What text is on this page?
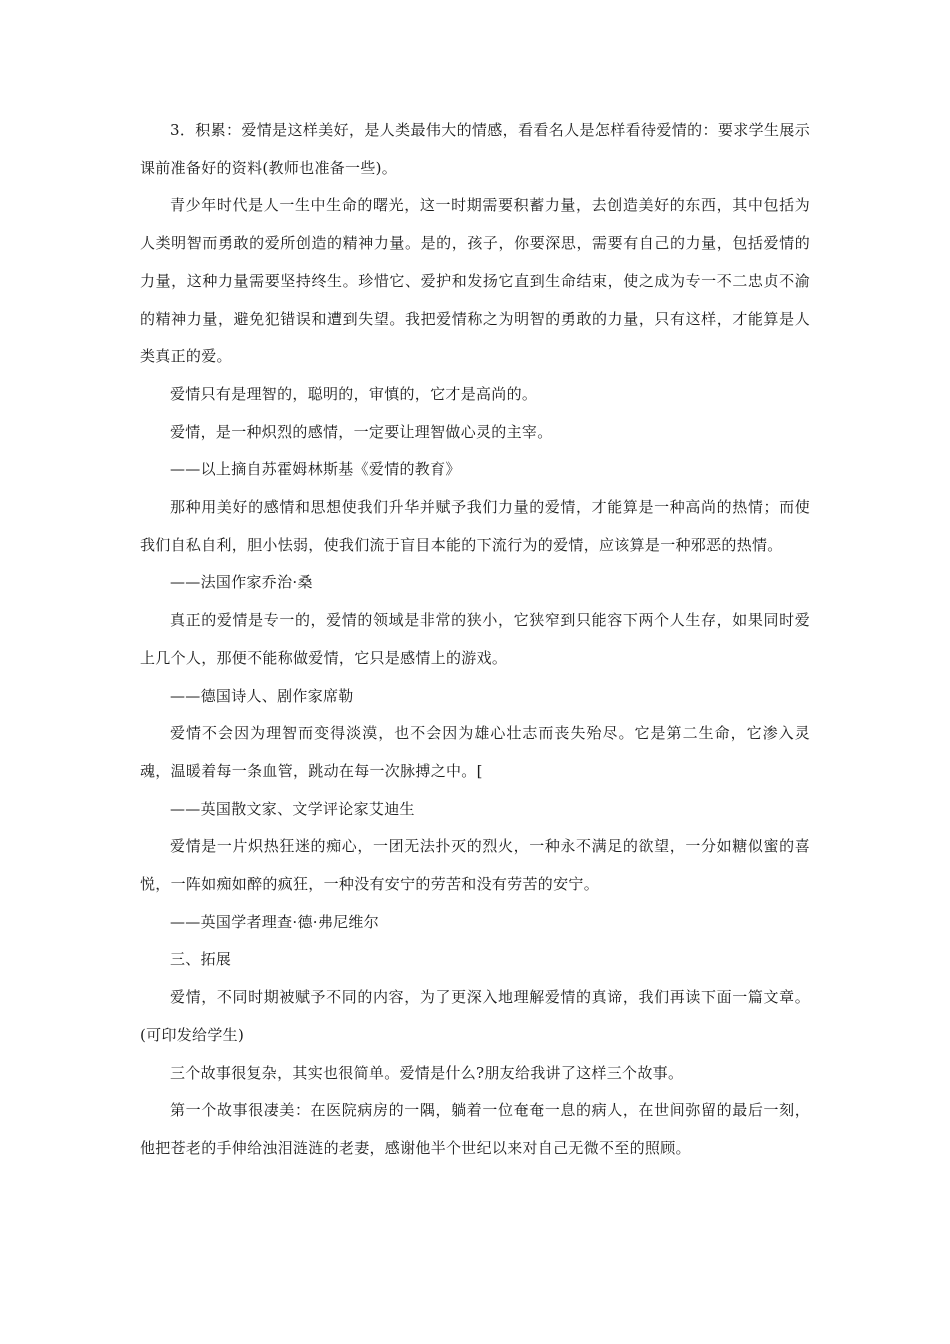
3．积累：爱情是这样美好，是人类最伟大的情感，看看名人是怎样看待爱情的：要求学生展示课前准备好的资料(教师也准备一些)。

青少年时代是人一生中生命的曙光，这一时期需要积蓄力量，去创造美好的东西，其中包括为人类明智而勇敢的爱所创造的精神力量。是的，孩子，你要深思，需要有自己的力量，包括爱情的力量，这种力量需要坚持终生。珍惜它、爱护和发扬它直到生命结束，使之成为专一不二忠贞不渝的精神力量，避免犯错误和遭到失望。我把爱情称之为明智的勇敢的力量，只有这样，才能算是人类真正的爱。

爱情只有是理智的，聪明的，审慎的，它才是高尚的。

爱情，是一种炽烈的感情，一定要让理智做心灵的主宰。

——以上摘自苏霍姆林斯基《爱情的教育》

那种用美好的感情和思想使我们升华并赋予我们力量的爱情，才能算是一种高尚的热情；而使我们自私自利，胆小怯弱，使我们流于盲目本能的下流行为的爱情，应该算是一种邪恶的热情。

——法国作家乔治·桑

真正的爱情是专一的，爱情的领域是非常的狭小，它狭窄到只能容下两个人生存，如果同时爱上几个人，那便不能称做爱情，它只是感情上的游戏。

——德国诗人、剧作家席勒

爱情不会因为理智而变得淡漠，也不会因为雄心壮志而丧失殆尽。它是第二生命，它渗入灵魂，温暖着每一条血管，跳动在每一次脉搏之中。[

——英国散文家、文学评论家艾迪生

爱情是一片炽热狂迷的痴心，一团无法扑灭的烈火，一种永不满足的欲望，一分如糖似蜜的喜悦，一阵如痴如醉的疯狂，一种没有安宁的劳苦和没有劳苦的安宁。

——英国学者理查·德·弗尼维尔

三、拓展

爱情，不同时期被赋予不同的内容，为了更深入地理解爱情的真谛，我们再读下面一篇文章。(可印发给学生)

三个故事很复杂，其实也很简单。爱情是什么?朋友给我讲了这样三个故事。

第一个故事很凄美：在医院病房的一隅，躺着一位奄奄一息的病人，在世间弥留的最后一刻，他把苍老的手伸给浊泪涟涟的老妻，感谢他半个世纪以来对自己无微不至的照顾。
